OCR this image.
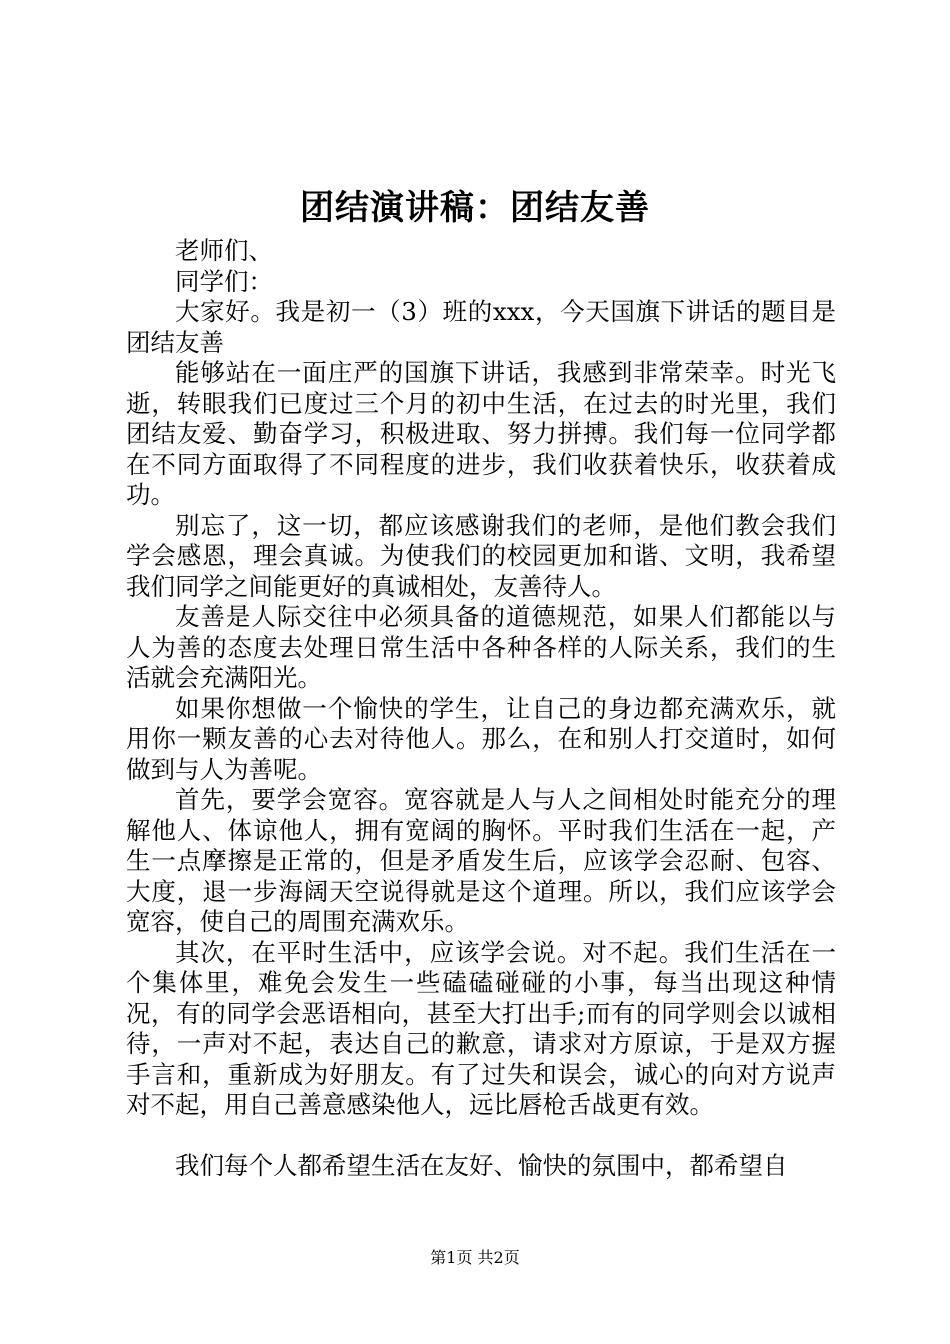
团结演讲稿：团结友善

老师们、

同学们：

大家好。我是初一（3）班的xxx，今天国旗下讲话的题目是团结友善

能够站在一面庄严的国旗下讲话，我感到非常荣幸。时光飞逝，转眼我们已度过三个月的初中生活，在过去的时光里，我们团结友爱、勤奋学习，积极进取、努力拼搏。我们每一位同学都在不同方面取得了不同程度的进步，我们收获着快乐，收获着成功。

别忘了，这一切，都应该感谢我们的老师，是他们教会我们学会感恩，理会真诚。为使我们的校园更加和谐、文明，我希望我们同学之间能更好的真诚相处，友善待人。

友善是人际交往中必须具备的道德规范，如果人们都能以与人为善的态度去处理日常生活中各种各样的人际关系，我们的生活就会充满阳光。

如果你想做一个愉快的学生，让自己的身边都充满欢乐，就用你一颗友善的心去对待他人。那么，在和别人打交道时，如何做到与人为善呢。

首先，要学会宽容。宽容就是人与人之间相处时能充分的理解他人、体谅他人，拥有宽阔的胸怀。平时我们生活在一起，产生一点摩擦是正常的，但是矛盾发生后，应该学会忍耐、包容、大度，退一步海阔天空说得就是这个道理。所以，我们应该学会宽容，使自己的周围充满欢乐。

其次，在平时生活中，应该学会说。对不起。我们生活在一个集体里，难免会发生一些磕磕碰碰的小事，每当出现这种情况，有的同学会恶语相向，甚至大打出手;而有的同学则会以诚相待，一声对不起，表达自己的歉意，请求对方原谅，于是双方握手言和，重新成为好朋友。有了过失和误会，诚心的向对方说声对不起，用自己善意感染他人，远比唇枪舌战更有效。

我们每个人都希望生活在友好、愉快的氛围中，都希望自

第1页 共2页
